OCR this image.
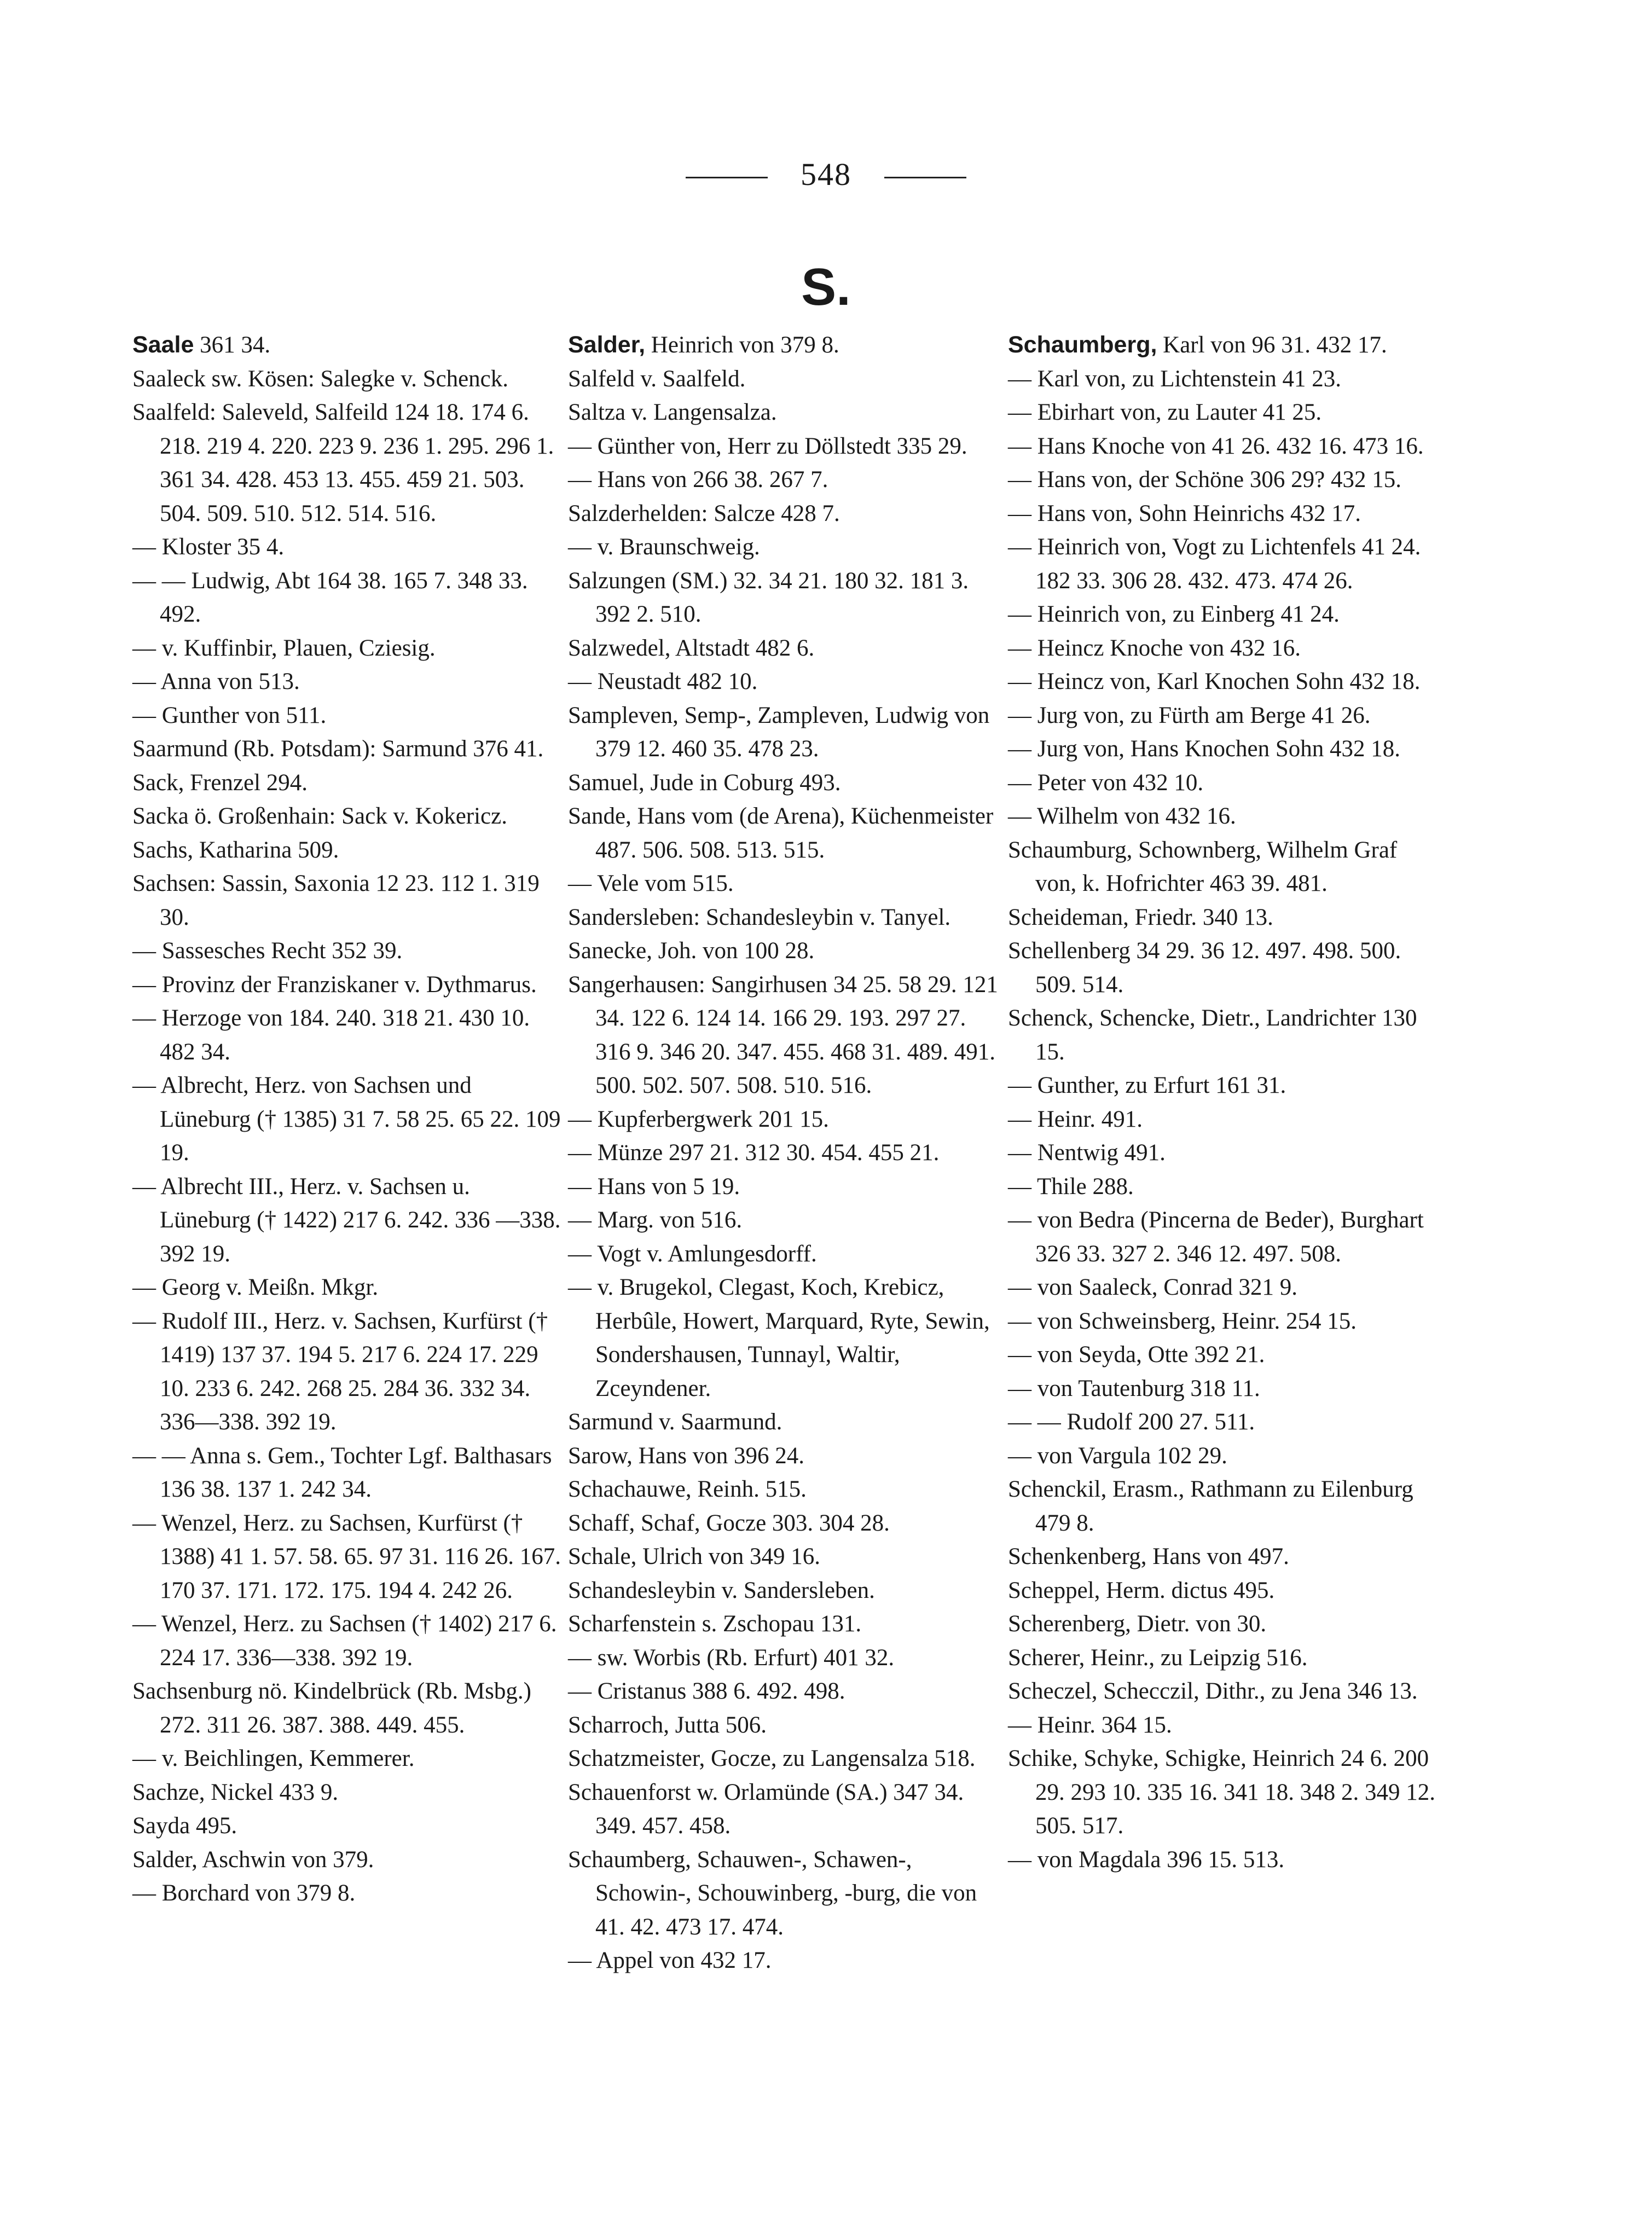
548
S.
Saale 361 34.
Saaleck sw. Kösen: Salegke v. Schenck.
Saalfeld: Saleveld, Salfeild 124 18. 174 6. 218. 219 4. 220. 223 9. 236 1. 295. 296 1. 361 34. 428. 453 13. 455. 459 21. 503. 504. 509. 510. 512. 514. 516.
— Kloster 35 4.
— — Ludwig, Abt 164 38. 165 7. 348 33. 492.
— v. Kuffinbir, Plauen, Cziesig.
— Anna von 513.
— Gunther von 511.
Saarmund (Rb. Potsdam): Sarmund 376 41.
Sack, Frenzel 294.
Sacka ö. Großenhain: Sack v. Kokericz.
Sachs, Katharina 509.
Sachsen: Sassin, Saxonia 12 23. 112 1. 319 30.
— Sassesches Recht 352 39.
— Provinz der Franziskaner v. Dythmarus.
— Herzoge von 184. 240. 318 21. 430 10. 482 34.
— Albrecht, Herz. von Sachsen und Lüneburg († 1385) 31 7. 58 25. 65 22. 109 19.
— Albrecht III., Herz. v. Sachsen u. Lüneburg († 1422) 217 6. 242. 336 —338. 392 19.
— Georg v. Meißn. Mkgr.
— Rudolf III., Herz. v. Sachsen, Kurfürst († 1419) 137 37. 194 5. 217 6. 224 17. 229 10. 233 6. 242. 268 25. 284 36. 332 34. 336—338. 392 19.
— — Anna s. Gem., Tochter Lgf. Balthasars 136 38. 137 1. 242 34.
— Wenzel, Herz. zu Sachsen, Kurfürst († 1388) 41 1. 57. 58. 65. 97 31. 116 26. 167. 170 37. 171. 172. 175. 194 4. 242 26.
— Wenzel, Herz. zu Sachsen († 1402) 217 6. 224 17. 336—338. 392 19.
Sachsenburg nö. Kindelbrück (Rb. Msbg.) 272. 311 26. 387. 388. 449. 455.
— v. Beichlingen, Kemmerer.
Sachze, Nickel 433 9.
Sayda 495.
Salder, Aschwin von 379.
— Borchard von 379 8.
Salder, Heinrich von 379 8.
Salfeld v. Saalfeld.
Saltza v. Langensalza.
— Günther von, Herr zu Döllstedt 335 29.
— Hans von 266 38. 267 7.
Salzderhelden: Salcze 428 7.
— v. Braunschweig.
Salzungen (SM.) 32. 34 21. 180 32. 181 3. 392 2. 510.
Salzwedel, Altstadt 482 6.
— Neustadt 482 10.
Sampleven, Semp-, Zampleven, Ludwig von 379 12. 460 35. 478 23.
Samuel, Jude in Coburg 493.
Sande, Hans vom (de Arena), Küchenmeister 487. 506. 508. 513. 515.
— Vele vom 515.
Sandersleben: Schandesleybin v. Tanyel.
Sanecke, Joh. von 100 28.
Sangerhausen: Sangirhusen 34 25. 58 29. 121 34. 122 6. 124 14. 166 29. 193. 297 27. 316 9. 346 20. 347. 455. 468 31. 489. 491. 500. 502. 507. 508. 510. 516.
— Kupferbergwerk 201 15.
— Münze 297 21. 312 30. 454. 455 21.
— Hans von 5 19.
— Marg. von 516.
— Vogt v. Amlungesdorff.
— v. Brugekol, Clegast, Koch, Krebicz, Herbûle, Howert, Marquard, Ryte, Sewin, Sondershausen, Tunnayl, Waltir, Zceyndener.
Sarmund v. Saarmund.
Sarow, Hans von 396 24.
Schachauwe, Reinh. 515.
Schaff, Schaf, Gocze 303. 304 28.
Schale, Ulrich von 349 16.
Schandesleybin v. Sandersleben.
Scharfenstein s. Zschopau 131.
— sw. Worbis (Rb. Erfurt) 401 32.
— Cristanus 388 6. 492. 498.
Scharroch, Jutta 506.
Schatzmeister, Gocze, zu Langensalza 518.
Schauenforst w. Orlamünde (SA.) 347 34. 349. 457. 458.
Schaumberg, Schauwen-, Schawen-, Schowin-, Schouwinberg, -burg, die von 41. 42. 473 17. 474.
— Appel von 432 17.
Schaumberg, Karl von 96 31. 432 17.
— Karl von, zu Lichtenstein 41 23.
— Ebirhart von, zu Lauter 41 25.
— Hans Knoche von 41 26. 432 16. 473 16.
— Hans von, der Schöne 306 29? 432 15.
— Hans von, Sohn Heinrichs 432 17.
— Heinrich von, Vogt zu Lichtenfels 41 24. 182 33. 306 28. 432. 473. 474 26.
— Heinrich von, zu Einberg 41 24.
— Heincz Knoche von 432 16.
— Heincz von, Karl Knochen Sohn 432 18.
— Jurg von, zu Fürth am Berge 41 26.
— Jurg von, Hans Knochen Sohn 432 18.
— Peter von 432 10.
— Wilhelm von 432 16.
Schaumburg, Schownberg, Wilhelm Graf von, k. Hofrichter 463 39. 481.
Scheideman, Friedr. 340 13.
Schellenberg 34 29. 36 12. 497. 498. 500. 509. 514.
Schenck, Schencke, Dietr., Landrichter 130 15.
— Gunther, zu Erfurt 161 31.
— Heinr. 491.
— Nentwig 491.
— Thile 288.
— von Bedra (Pincerna de Beder), Burghart 326 33. 327 2. 346 12. 497. 508.
— von Saaleck, Conrad 321 9.
— von Schweinsberg, Heinr. 254 15.
— von Seyda, Otte 392 21.
— von Tautenburg 318 11.
— — Rudolf 200 27. 511.
— von Vargula 102 29.
Schenckil, Erasm., Rathmann zu Eilenburg 479 8.
Schenkenberg, Hans von 497.
Scheppel, Herm. dictus 495.
Scherenberg, Dietr. von 30.
Scherer, Heinr., zu Leipzig 516.
Scheczel, Schecczil, Dithr., zu Jena 346 13.
— Heinr. 364 15.
Schike, Schyke, Schigke, Heinrich 24 6. 200 29. 293 10. 335 16. 341 18. 348 2. 349 12. 505. 517.
— von Magdala 396 15. 513.
